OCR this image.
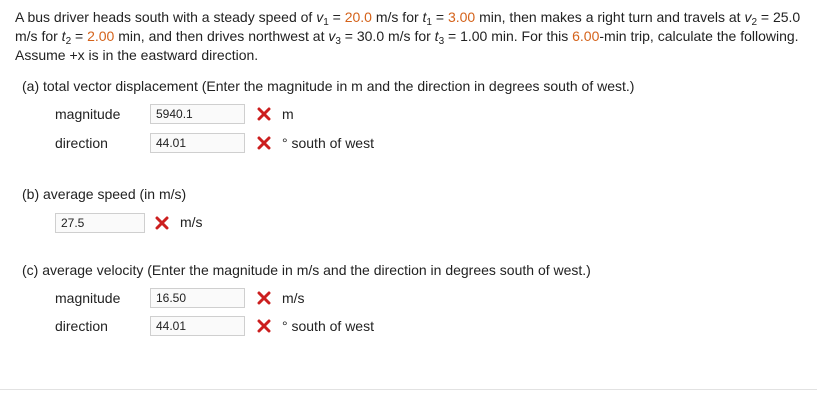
A bus driver heads south with a steady speed of $v_1 = 20.0$ m/s for $t_1 = 3.00$ min, then makes a right turn and travels at $v_2 = 25.0$ m/s for $t_2 = 2.00$ min, and then drives northwest at $v_3 = 30.0$ m/s for $t_3 = 1.00$ min. For this 6.00-min trip, calculate the following. Assume +x is in the eastward direction.
(a) total vector displacement (Enter the magnitude in m and the direction in degrees south of west.)
magnitude
5940.1	m
direction
44.01	° south of west
(b) average speed (in m/s)
27.5
m/s
(c) average velocity (Enter the magnitude in m/s and the direction in degrees south of west.)
magnitude
16.50	m/s
direction
44.01	° south of west
